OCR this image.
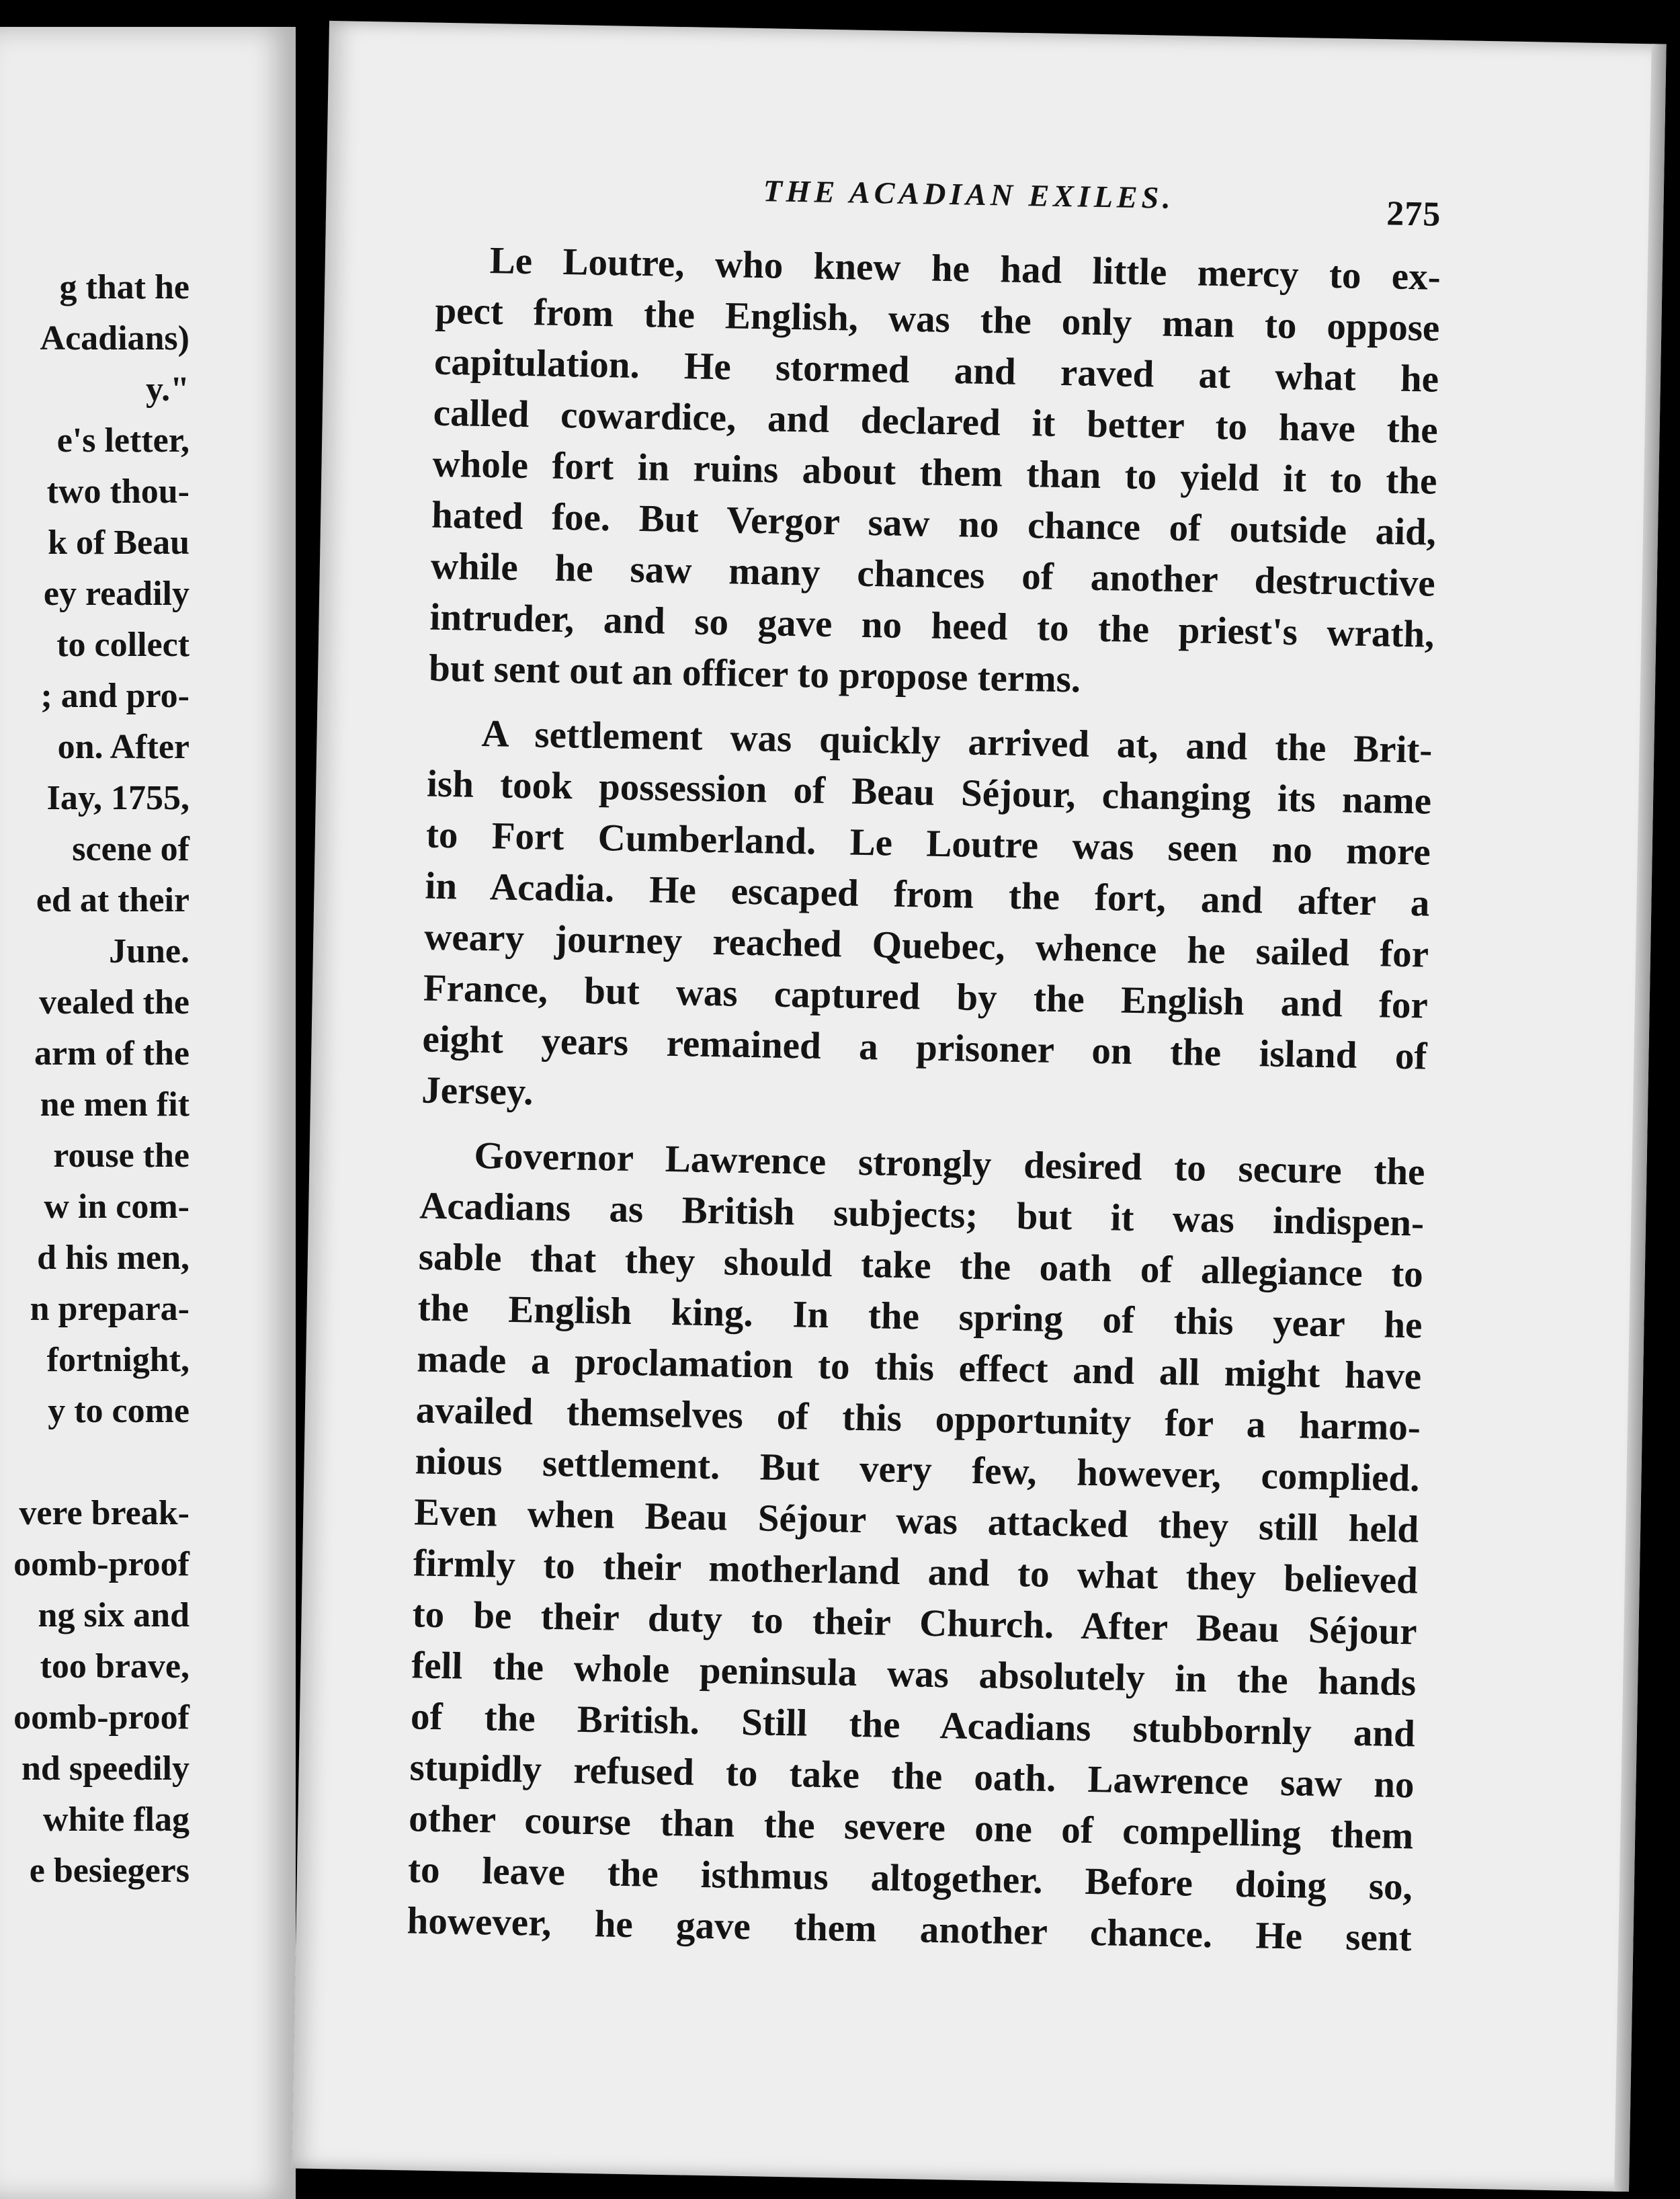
g that he
Acadians)
y."
e's letter,
two thou-
k of Beau
ey readily
to collect
; and pro-
on. After
Iay, 1755,
scene of
ed at their
June.
vealed the
arm of the
ne men fit
rouse the
w in com-
d his men,
n prepara-
fortnight,
y to come
vere break-
oomb-proof
ng six and
too brave,
oomb-proof
nd speedily
white flag
e besiegers
THE ACADIAN EXILES.	275
Le Loutre, who knew he had little mercy to ex-
pect from the English, was the only man to oppose
capitulation. He stormed and raved at what he
called cowardice, and declared it better to have the
whole fort in ruins about them than to yield it to the
hated foe. But Vergor saw no chance of outside aid,
while he saw many chances of another destructive
intruder, and so gave no heed to the priest's wrath,
but sent out an officer to propose terms.
A settlement was quickly arrived at, and the Brit-
ish took possession of Beau Séjour, changing its name
to Fort Cumberland. Le Loutre was seen no more
in Acadia. He escaped from the fort, and after a
weary journey reached Quebec, whence he sailed for
France, but was captured by the English and for
eight years remained a prisoner on the island of
Jersey.
Governor Lawrence strongly desired to secure the
Acadians as British subjects; but it was indispen-
sable that they should take the oath of allegiance to
the English king. In the spring of this year he
made a proclamation to this effect and all might have
availed themselves of this opportunity for a harmo-
nious settlement. But very few, however, complied.
Even when Beau Séjour was attacked they still held
firmly to their motherland and to what they believed
to be their duty to their Church. After Beau Séjour
fell the whole peninsula was absolutely in the hands
of the British. Still the Acadians stubbornly and
stupidly refused to take the oath. Lawrence saw no
other course than the severe one of compelling them
to leave the isthmus altogether. Before doing so,
however, he gave them another chance. He sent
